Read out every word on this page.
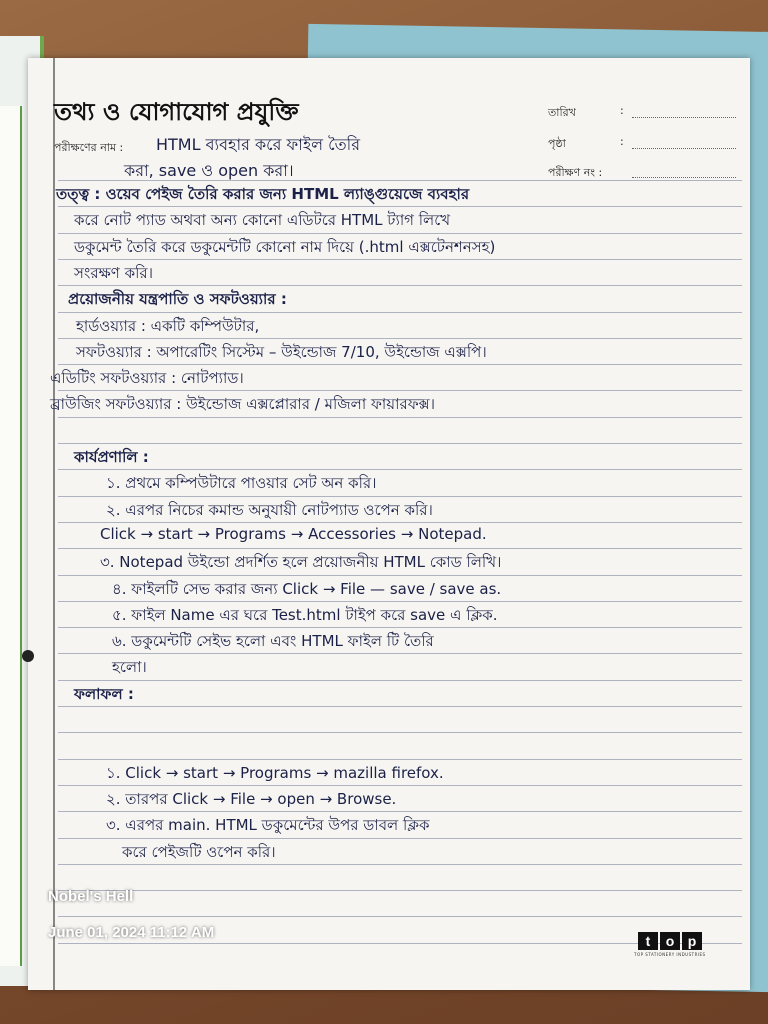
তথ্য ও যোগাযোগ প্রযুক্তি
পরীক্ষণের নাম : HTML ব্যবহার করে ফাইল তৈরি
করা, save ও open করা।
তারিখ	:
পৃষ্ঠা	:
পরীক্ষণ নং :
তত্ত্ব : ওয়েব পেইজ তৈরি করার জন্য HTML ল্যাঙ্গুয়েজে ব্যবহার
করে নোট প্যাড অথবা অন্য কোনো এডিটরে HTML ট্যাগ লিখে
ডকুমেন্ট তৈরি করে ডকুমেন্টটি কোনো নাম দিয়ে (.html এক্সটেনশনসহ)
সংরক্ষণ করি।
প্রয়োজনীয় যন্ত্রপাতি ও সফটওয়্যার :
হার্ডওয়্যার : একটি কম্পিউটার,
সফটওয়্যার : অপারেটিং সিস্টেম – উইন্ডোজ 7/10, উইন্ডোজ এক্সপি।
এডিটিং সফটওয়্যার : নোটপ্যাড।
ব্রাউজিং সফটওয়্যার : উইন্ডোজ এক্সপ্লোরার / মজিলা ফায়ারফক্স।
কার্যপ্রণালি :
১. প্রথমে কম্পিউটারে পাওয়ার সেট অন করি।
২. এরপর নিচের কমান্ড অনুযায়ী নোটপ্যাড ওপেন করি।
Click → start → Programs → Accessories → Notepad.
৩. Notepad উইন্ডো প্রদর্শিত হলে প্রয়োজনীয় HTML কোড লিখি।
৪. ফাইলটি সেভ করার জন্য Click → File — save / save as.
৫. ফাইল Name এর ঘরে Test.html টাইপ করে save এ ক্লিক.
৬. ডকুমেন্টটি সেইভ হলো এবং HTML ফাইল টি তৈরি
হলো।
ফলাফল :
১. Click → start → Programs → mazilla firefox.
২. তারপর Click → File → open → Browse.
৩. এরপর main. HTML ডকুমেন্টের উপর ডাবল ক্লিক
করে পেইজটি ওপেন করি।
t	o p
TOP STATIONERY INDUSTRIES
Nobel's Hell
June 01, 2024 11:12 AM
